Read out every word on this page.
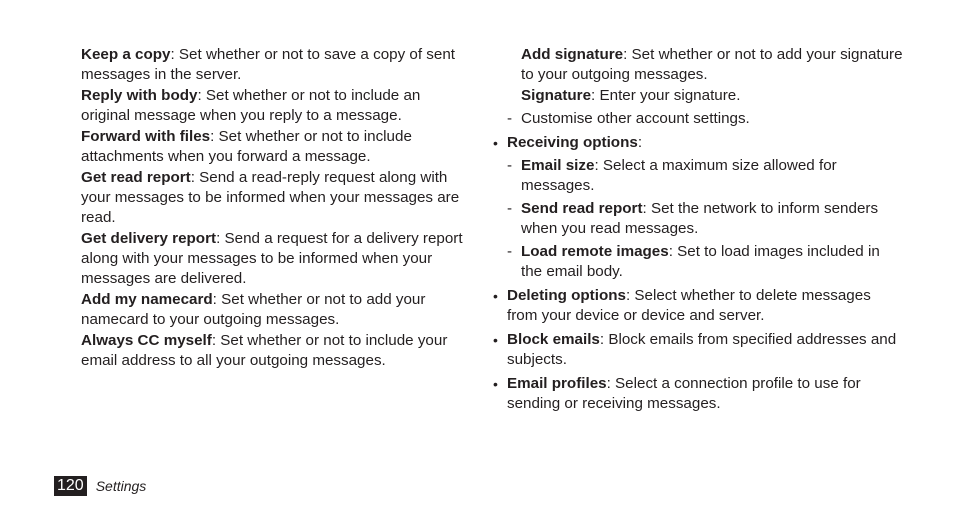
Keep a copy: Set whether or not to save a copy of sent messages in the server.

Reply with body: Set whether or not to include an original message when you reply to a message.

Forward with files: Set whether or not to include attachments when you forward a message.

Get read report: Send a read-reply request along with your messages to be informed when your messages are read.

Get delivery report: Send a request for a delivery report along with your messages to be informed when your messages are delivered.

Add my namecard: Set whether or not to add your namecard to your outgoing messages.

Always CC myself: Set whether or not to include your email address to all your outgoing messages.

Add signature: Set whether or not to add your signature to your outgoing messages.

Signature: Enter your signature.

- Customise other account settings.
• Receiving options:
- Email size: Select a maximum size allowed for messages.
- Send read report: Set the network to inform senders when you read messages.
- Load remote images: Set to load images included in the email body.
• Deleting options: Select whether to delete messages from your device or device and server.
• Block emails: Block emails from specified addresses and subjects.
• Email profiles: Select a connection profile to use for sending or receiving messages.
120 Settings
